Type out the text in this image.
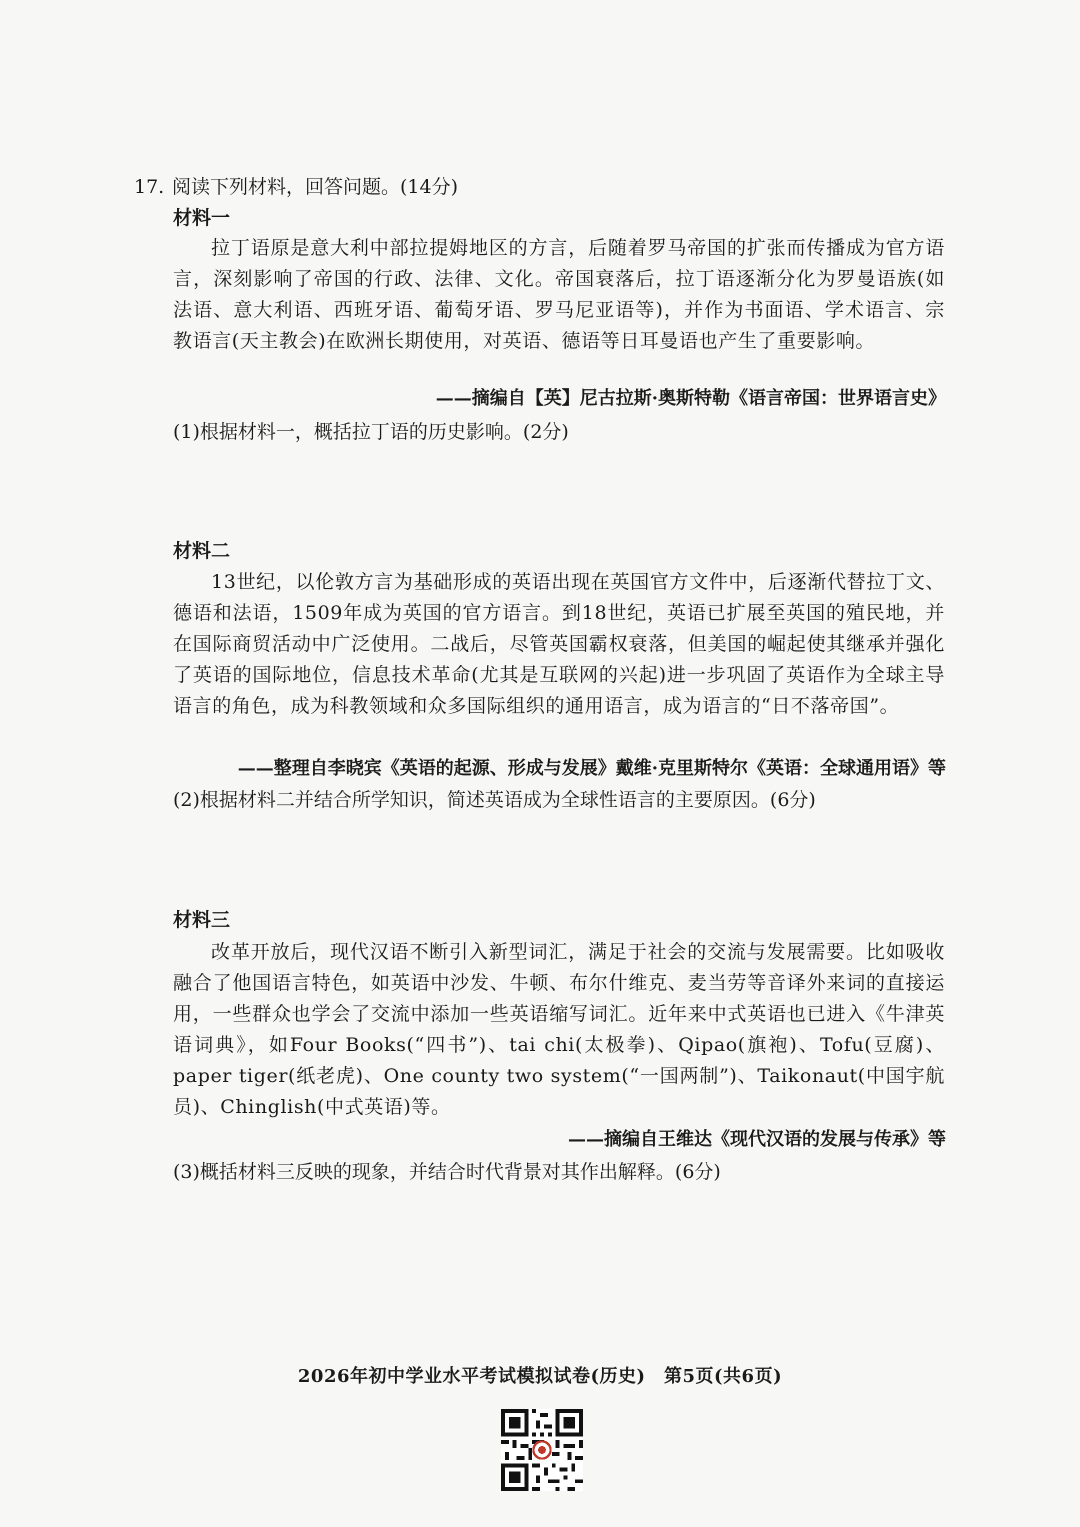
17. 阅读下列材料，回答问题。(14分)
材料一
拉丁语原是意大利中部拉提姆地区的方言，后随着罗马帝国的扩张而传播成为官方语言，深刻影响了帝国的行政、法律、文化。帝国衰落后，拉丁语逐渐分化为罗曼语族(如法语、意大利语、西班牙语、葡萄牙语、罗马尼亚语等)，并作为书面语、学术语言、宗教语言(天主教会)在欧洲长期使用，对英语、德语等日耳曼语也产生了重要影响。
——摘编自【英】尼古拉斯·奥斯特勒《语言帝国：世界语言史》
(1)根据材料一，概括拉丁语的历史影响。(2分)
材料二
13世纪，以伦敦方言为基础形成的英语出现在英国官方文件中，后逐渐代替拉丁文、德语和法语，1509年成为英国的官方语言。到18世纪，英语已扩展至英国的殖民地，并在国际商贸活动中广泛使用。二战后，尽管英国霸权衰落，但美国的崛起使其继承并强化了英语的国际地位，信息技术革命(尤其是互联网的兴起)进一步巩固了英语作为全球主导语言的角色，成为科教领域和众多国际组织的通用语言，成为语言的“日不落帝国”。
——整理自李晓宾《英语的起源、形成与发展》戴维·克里斯特尔《英语：全球通用语》等
(2)根据材料二并结合所学知识，简述英语成为全球性语言的主要原因。(6分)
材料三
改革开放后，现代汉语不断引入新型词汇，满足于社会的交流与发展需要。比如吸收融合了他国语言特色，如英语中沙发、牛顿、布尔什维克、麦当劳等音译外来词的直接运用，一些群众也学会了交流中添加一些英语缩写词汇。近年来中式英语也已进入《牛津英语词典》，如Four Books(“四书”)、tai chi(太极拳)、Qipao(旗袍)、Tofu(豆腐)、paper tiger(纸老虎)、One county two system(“一国两制”)、Taikonaut(中国宇航员)、Chinglish(中式英语)等。
——摘编自王维达《现代汉语的发展与传承》等
(3)概括材料三反映的现象，并结合时代背景对其作出解释。(6分)
2026年初中学业水平考试模拟试卷(历史)　第5页(共6页)
